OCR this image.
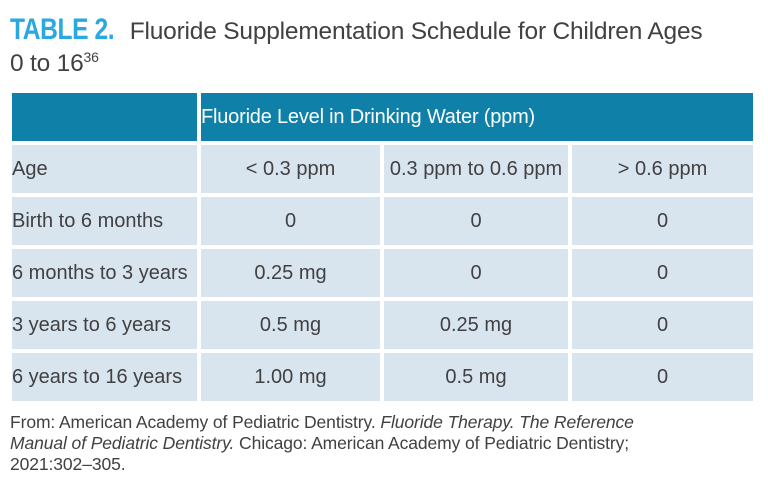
TABLE 2. Fluoride Supplementation Schedule for Children Ages
0 to $16^{36}$
	Fluoride Level in Drinking Water (ppm)		
Age	< 0.3 ppm	0.3 ppm to 0.6 ppm	> 0.6 ppm
Birth to 6 months	0	0	0
6 months to 3 years	0.25 mg	0	0
3 years to 6 years	0.5 mg	0.25 mg	0
6 years to 16 years	1.00 mg	0.5 mg	0

From: American Academy of Pediatric Dentistry. Fluoride Therapy. The Reference
Manual of Pediatric Dentistry. Chicago: American Academy of Pediatric Dentistry;
2021:302–305.
